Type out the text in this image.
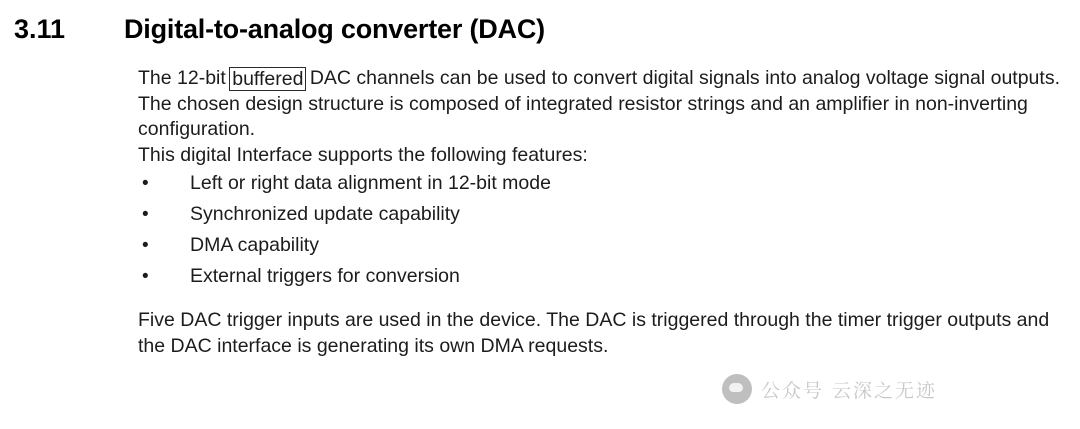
3.11	Digital-to-analog converter (DAC)

The 12-bit buffered DAC channels can be used to convert digital signals into analog voltage signal outputs. The chosen design structure is composed of integrated resistor strings and an amplifier in non-inverting configuration.

This digital Interface supports the following features:

• Left or right data alignment in 12-bit mode
• Synchronized update capability
• DMA capability
• External triggers for conversion

Five DAC trigger inputs are used in the device. The DAC is triggered through the timer trigger outputs and the DAC interface is generating its own DMA requests.

公众号 云深之无迹
